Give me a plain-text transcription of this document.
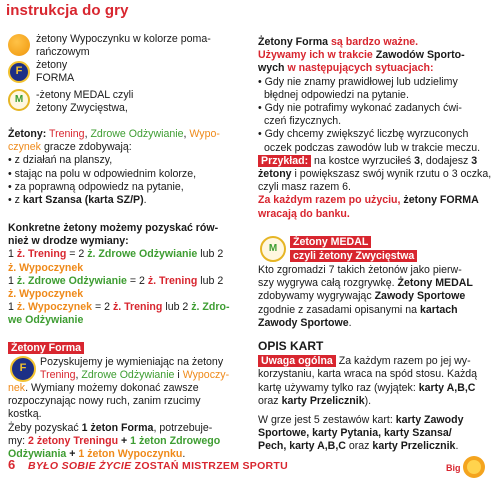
instrukcja do gry
żetony Wypoczynku w kolorze poma-
rańczowym
F
żetony
FORMA
M -żetony MEDAL czyli
żetony Zwycięstwa,
Żetony: Trening, Zdrowe Odżywianie, Wypo-
czynek gracze zdobywają:
• z działań na planszy,
• stając na polu w odpowiednim kolorze,
• za poprawną odpowiedz na pytanie,
• z kart Szansa (karta SZ/P).
Konkretne żetony możemy pozyskać rów-
nież w drodze wymiany:
1 ż. Trening = 2 ż. Zdrowe Odżywianie lub 2
ż. Wypoczynek
1 ż. Zdrowe Odżywianie = 2 ż. Trening lub 2
ż. Wypoczynek
1 ż. Wypoczynek = 2 ż. Trening lub 2 ż. Zdro-
we Odżywianie
Żetony Forma
F
Pozyskujemy je wymieniając na żetony
Trening, Zdrowe Odżywianie i Wypoczy-
nek. Wymiany możemy dokonać zawsze
rozpoczynając nowy ruch, zanim rzucimy
kostką.
Żeby pozyskać 1 żeton Forma, potrzebuje-
my: 2 żetony Treningu + 1 żeton Zdrowego
Odżywiania + 1 żeton Wypoczynku.
Żetony Forma są bardzo ważne.
Używamy ich w trakcie Zawodów Sporto-
wych w następujących sytuacjach:
• Gdy nie znamy prawidłowej lub udzielimy
błędnej odpowiedzi na pytanie.
• Gdy nie potrafimy wykonać zadanych ćwi-
czeń fizycznych.
• Gdy chcemy zwiększyć liczbę wyrzuconych
oczek podczas zawodów lub w trakcie meczu.
Przykład: na kostce wyrzuciłeś 3, dodajesz 3
żetony i powiększasz swój wynik rzutu o 3 oczka,
czyli masz razem 6.
Za każdym razem po użyciu, żetony FORMA
wracają do banku.
M
Żetony MEDAL
czyli żetony Zwycięstwa
Kto zgromadzi 7 takich żetonów jako pierw-
szy wygrywa całą rozgrywkę. Żetony MEDAL
zdobywamy wygrywając Zawody Sportowe
zgodnie z zasadami opisanymi na kartach
Zawody Sportowe.
OPIS KART
Uwaga ogólna Za każdym razem po jej wy-
korzystaniu, karta wraca na spód stosu. Każdą
kartę używamy tylko raz (wyjątek: karty A,B,C
oraz karty Przelicznik).
W grze jest 5 zestawów kart: karty Zawody
Sportowe, karty Pytania, karty Szansa/
Pech, karty A,B,C oraz karty Przelicznik.
6 BYŁO SOBIE ŻYCIE ZOSTAŃ MISTRZEM SPORTU	Big
